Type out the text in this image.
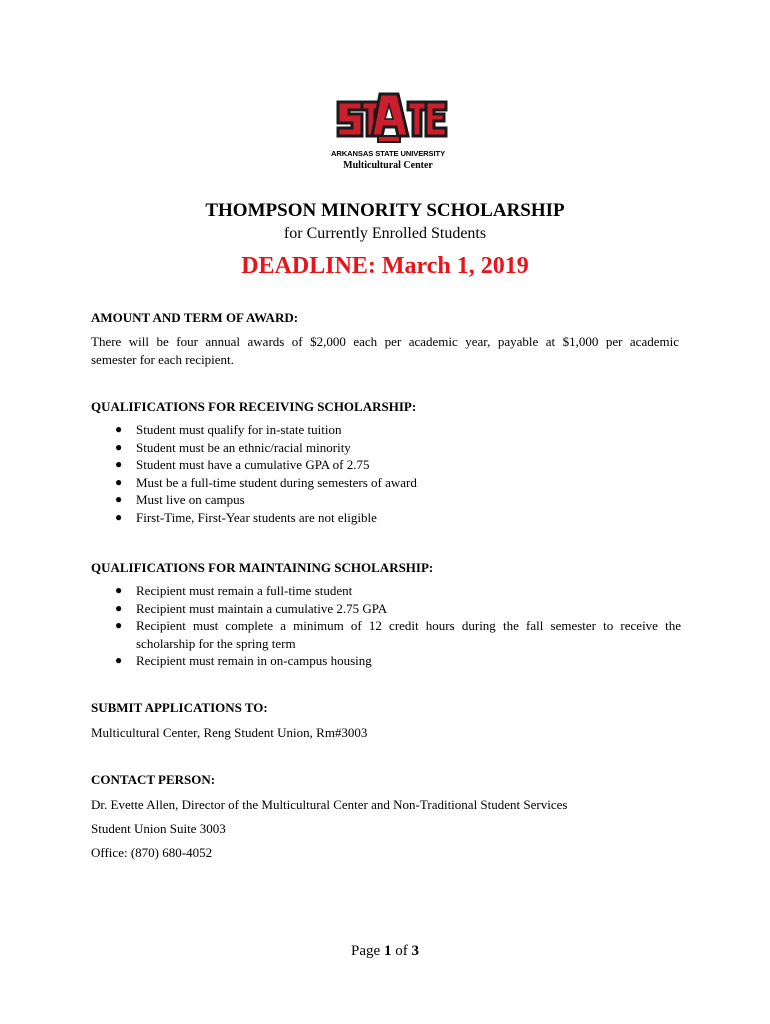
ARKANSAS STATE UNIVERSITY
Multicultural Center
THOMPSON MINORITY SCHOLARSHIP
for Currently Enrolled Students
DEADLINE: March 1, 2019
AMOUNT AND TERM OF AWARD:
There will be four annual awards of $2,000 each per academic year, payable at $1,000 per academic
semester for each recipient.
QUALIFICATIONS FOR RECEIVING SCHOLARSHIP:
● Student must qualify for in-state tuition
● Student must be an ethnic/racial minority
● Student must have a cumulative GPA of 2.75
● Must be a full-time student during semesters of award
● Must live on campus
● First-Time, First-Year students are not eligible
QUALIFICATIONS FOR MAINTAINING SCHOLARSHIP:
● Recipient must remain a full-time student
● Recipient must maintain a cumulative 2.75 GPA
● Recipient must complete a minimum of 12 credit hours during the fall semester to receive the
scholarship for the spring term
● Recipient must remain in on-campus housing
SUBMIT APPLICATIONS TO:
Multicultural Center, Reng Student Union, Rm#3003
CONTACT PERSON:
Dr. Evette Allen, Director of the Multicultural Center and Non-Traditional Student Services
Student Union Suite 3003
Office: (870) 680-4052
Page 1 of 3
